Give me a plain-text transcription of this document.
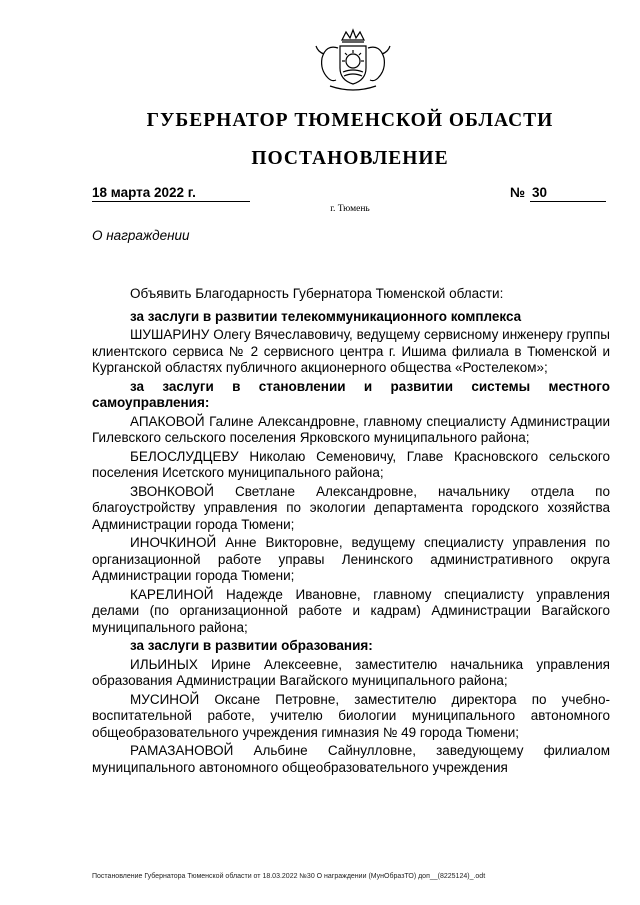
ГУБЕРНАТОР ТЮМЕНСКОЙ ОБЛАСТИ
ПОСТАНОВЛЕНИЕ
18 марта 2022 г.	№ 30
г. Тюмень
О награждении

Объявить Благодарность Губернатора Тюменской области:

за заслуги в развитии телекоммуникационного комплекса

ШУШАРИНУ Олегу Вячеславовичу, ведущему сервисному инженеру группы клиентского сервиса № 2 сервисного центра г. Ишима филиала в Тюменской и Курганской областях публичного акционерного общества «Ростелеком»;

за заслуги в становлении и развитии системы местного самоуправления:

АПАКОВОЙ Галине Александровне, главному специалисту Администрации Гилевского сельского поселения Ярковского муниципального района;

БЕЛОСЛУДЦЕВУ Николаю Семеновичу, Главе Красновского сельского поселения Исетского муниципального района;

ЗВОНКОВОЙ Светлане Александровне, начальнику отдела по благоустройству управления по экологии департамента городского хозяйства Администрации города Тюмени;

ИНОЧКИНОЙ Анне Викторовне, ведущему специалисту управления по организационной работе управы Ленинского административного округа Администрации города Тюмени;

КАРЕЛИНОЙ Надежде Ивановне, главному специалисту управления делами (по организационной работе и кадрам) Администрации Вагайского муниципального района;

за заслуги в развитии образования:

ИЛЬИНЫХ Ирине Алексеевне, заместителю начальника управления образования Администрации Вагайского муниципального района;

МУСИНОЙ Оксане Петровне, заместителю директора по учебно-воспитательной работе, учителю биологии муниципального автономного общеобразовательного учреждения гимназия № 49 города Тюмени;

РАМАЗАНОВОЙ Альбине Сайнулловне, заведующему филиалом муниципального автономного общеобразовательного учреждения

Постановление Губернатора Тюменской области от 18.03.2022 №30 О награждении (МунОбразТО) доп__(8225124)_.odt
